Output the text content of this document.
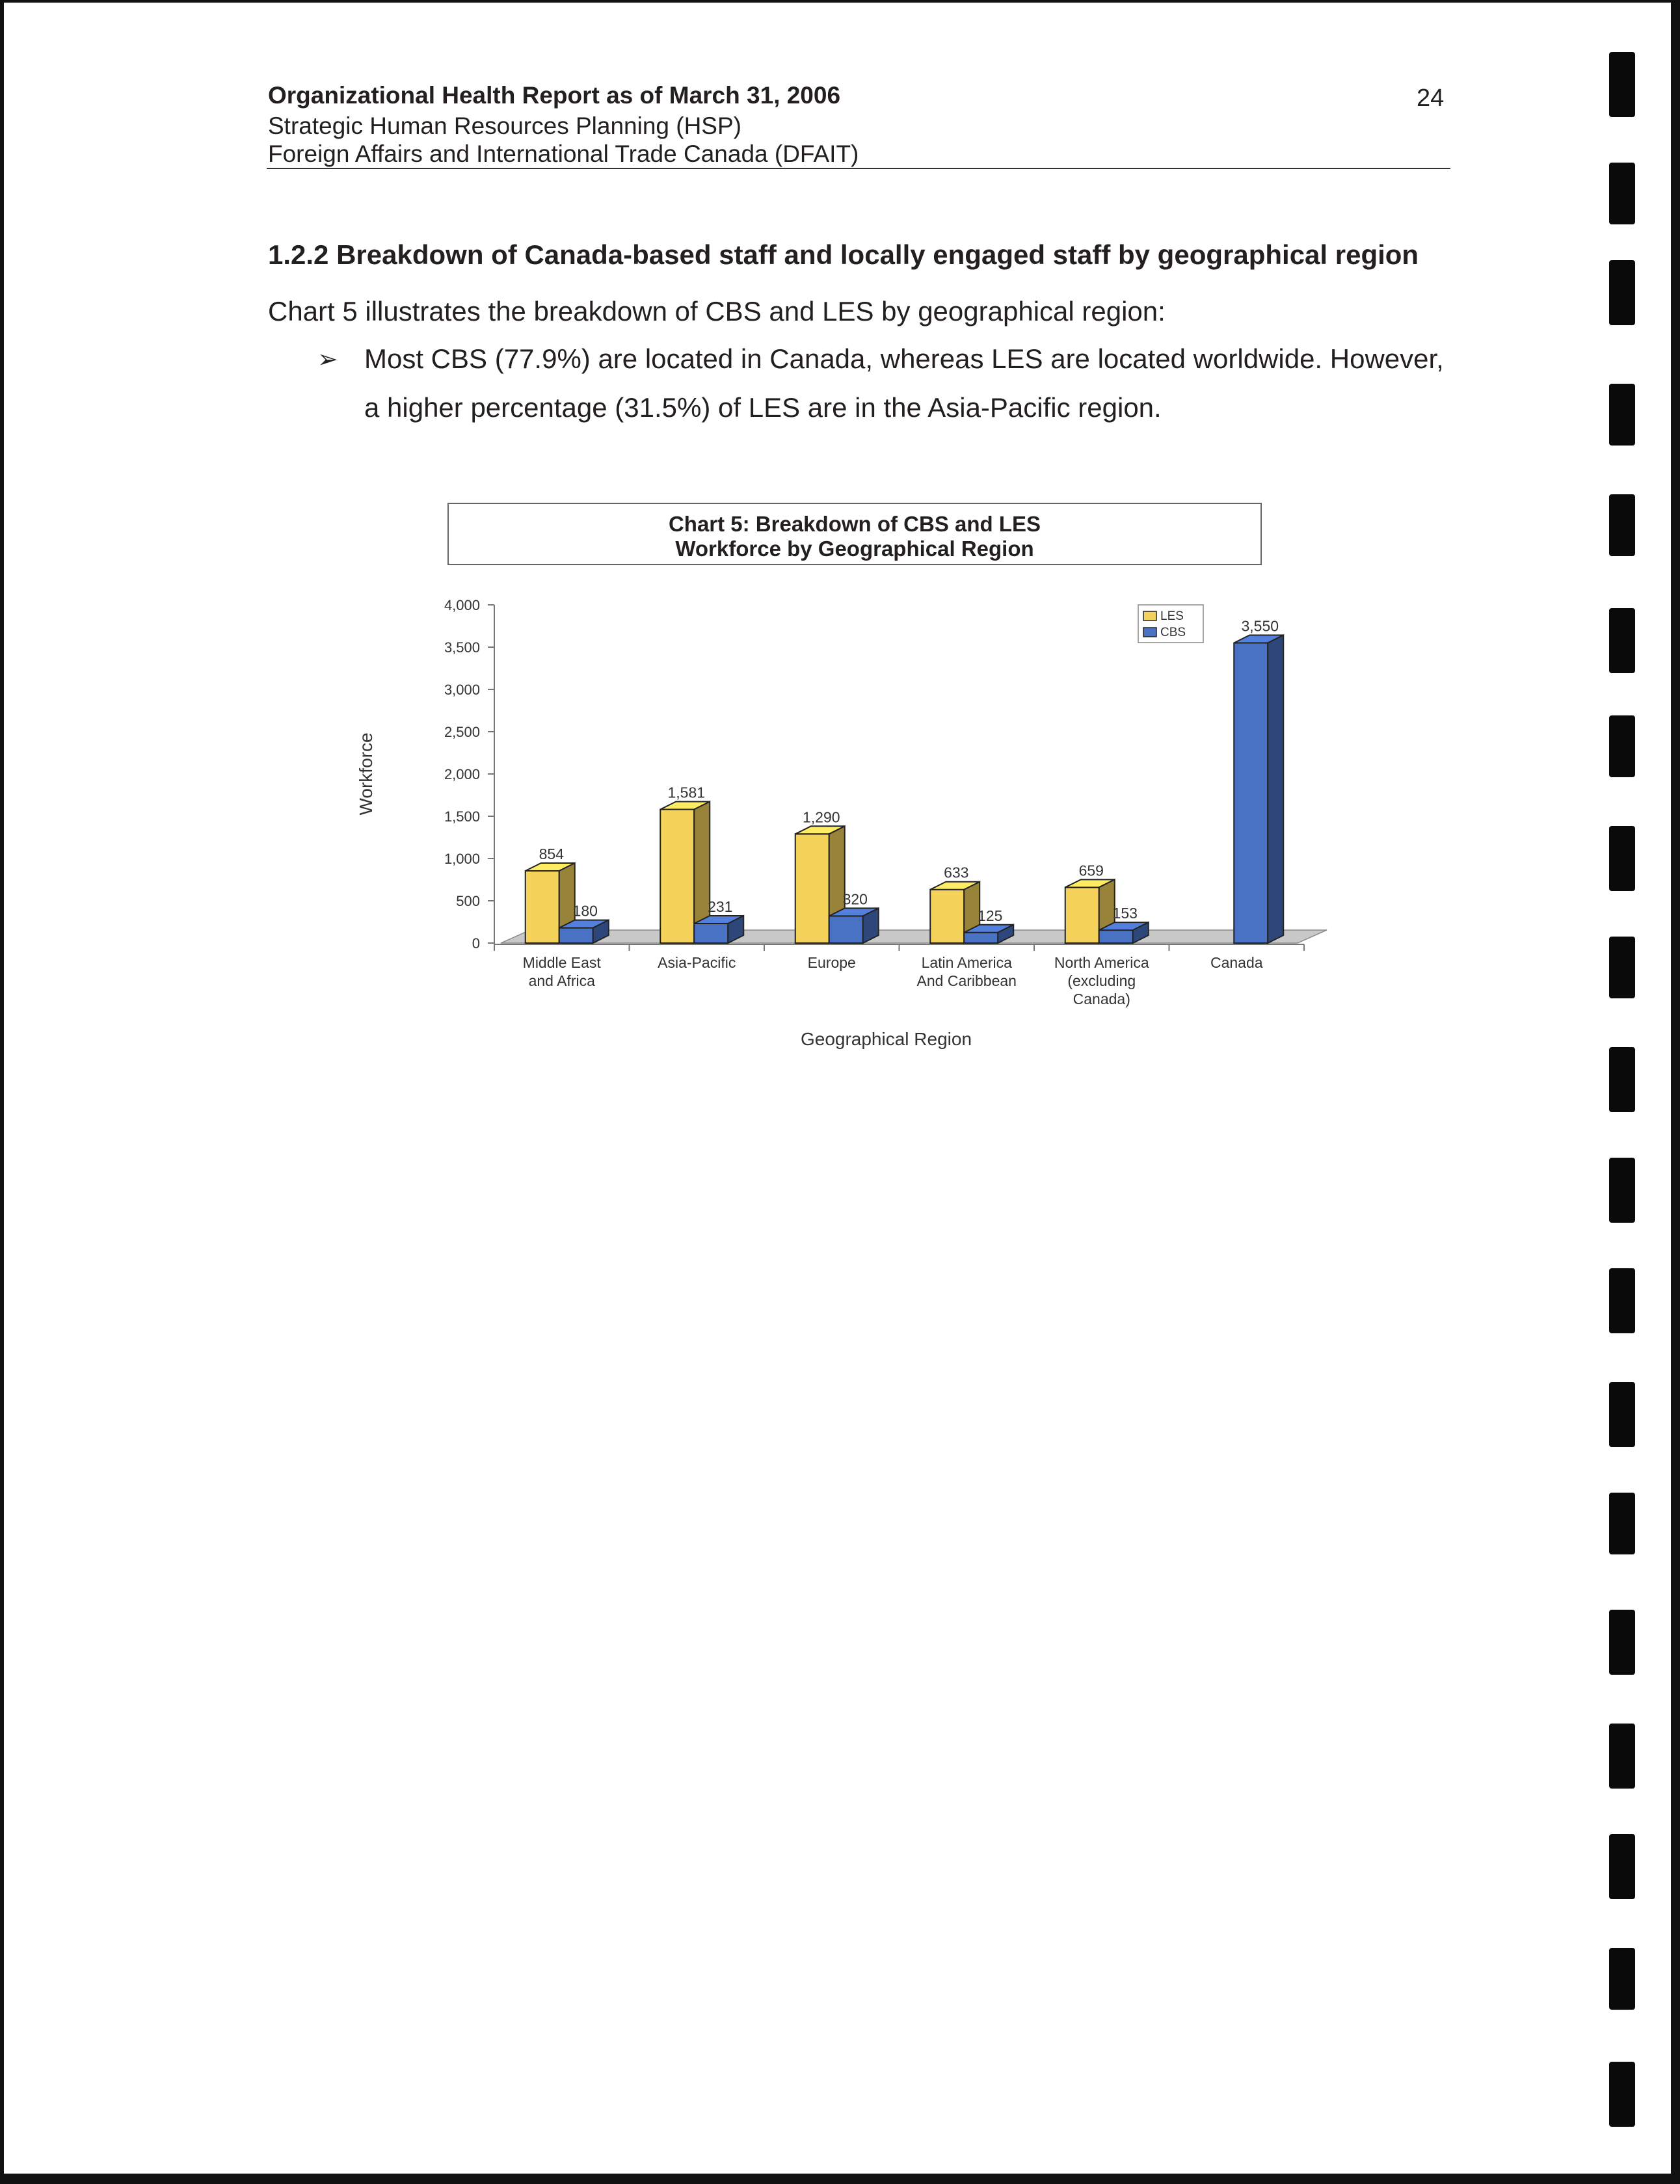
Organizational Health Report as of March 31, 2006
Strategic Human Resources Planning (HSP)
Foreign Affairs and International Trade Canada (DFAIT)
24
1.2.2 Breakdown of Canada-based staff and locally engaged staff by geographical region
Chart 5 illustrates the breakdown of CBS and LES by geographical region:
➢ Most CBS (77.9%) are located in Canada, whereas LES are located worldwide. However,
a higher percentage (31.5%) of LES are in the Asia-Pacific region.
Chart 5: Breakdown of CBS and LES
Workforce by Geographical Region
0
500
1,000
1,500
2,000
2,500
3,000
3,500
4,000
Workforce
Geographical Region
Middle East
and Africa
Asia-Pacific	Europe	Latin America
And Caribbean
North America
(excluding
Canada)
Canada
854
180
1,581
231
1,290
320
633
125
659
153
3,550
LES
CBS
